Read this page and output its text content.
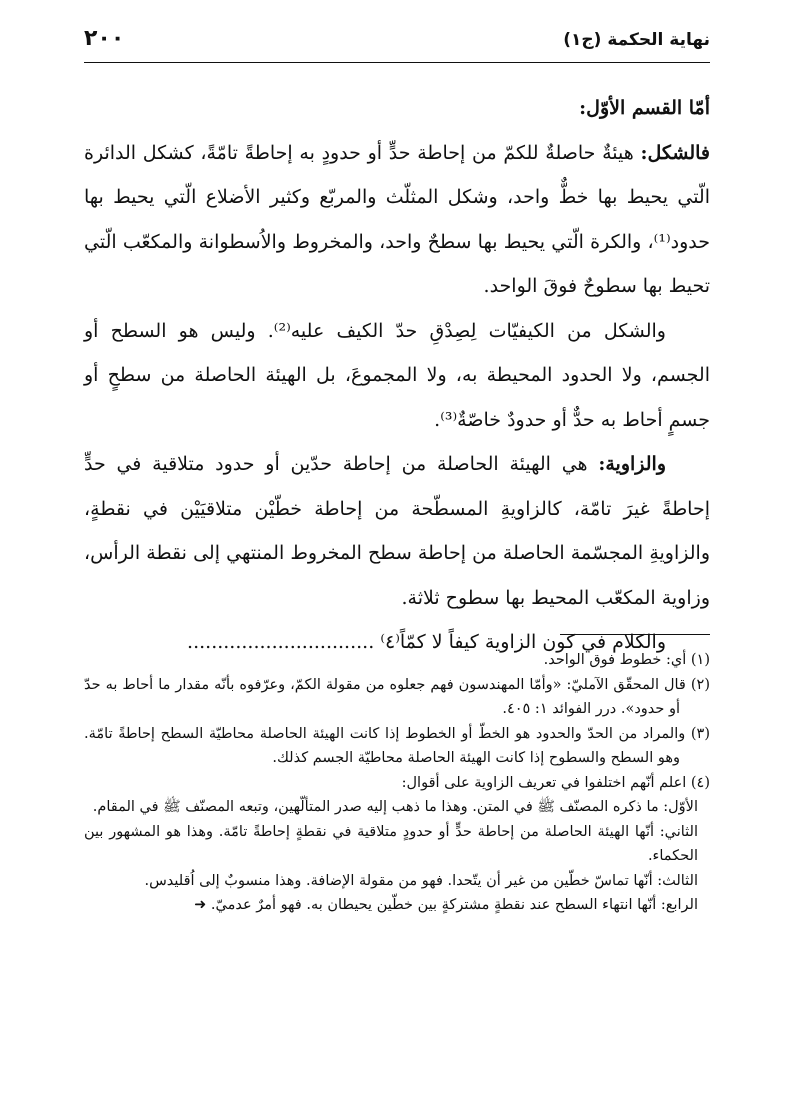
نهاية الحكمة (ج١)
٢٠٠

أمّا القسم الأوّل:

فالشكل: هيئةٌ حاصلةٌ للكمّ من إحاطة حدٍّ أو حدودٍ به إحاطةً تامّةً، كشكل الدائرة الّتي يحيط بها خطٌّ واحد، وشكل المثلّث والمربّع وكثير الأضلاع الّتي يحيط بها حدود⁽¹⁾، والكرة الّتي يحيط بها سطحٌ واحد، والمخروط والاُسطوانة والمكعّب الّتي تحيط بها سطوحٌ فوقَ الواحد.

والشكل من الكيفيّات لِصِدْقِ حدّ الكيف عليه⁽²⁾. وليس هو السطح أو الجسم، ولا الحدود المحيطة به، ولا المجموعَ، بل الهيئة الحاصلة من سطحٍ أو جسمٍ أحاط به حدٌّ أو حدودٌ خاصّةٌ⁽³⁾.

والزاوية: هي الهيئة الحاصلة من إحاطة حدّين أو حدود متلاقية في حدٍّ إحاطةً غيرَ تامّة، كالزاويةِ المسطّحة من إحاطة خطّيْن متلاقيَيْن في نقطةٍ، والزاويةِ المجسّمة الحاصلة من إحاطة سطح المخروط المنتهي إلى نقطة الرأس، وزاوية المكعّب المحيط بها سطوح ثلاثة.

والكلام في كون الزاوية كيفاً لا كمّاً⁽٤⁾ ...............................

(١) أي: خطوط فوق الواحد.

(٢) قال المحقّق الآمليّ: «وأمّا المهندسون فهم جعلوه من مقولة الكمّ، وعرّفوه بأنّه مقدار ما أحاط به حدّ أو حدود». درر الفوائد ١: ٤٠٥.

(٣) والمراد من الحدّ والحدود هو الخطّ أو الخطوط إذا كانت الهيئة الحاصلة محاطيّة السطح إحاطةً تامّة. وهو السطح والسطوح إذا كانت الهيئة الحاصلة محاطيّة الجسم كذلك.

(٤) اعلم أنّهم اختلفوا في تعريف الزاوية على أقوال:

الأوّل: ما ذكره المصنّف ﷺ في المتن. وهذا ما ذهب إليه صدر المتألّهين، وتبعه المصنّف ﷺ في المقام.

الثاني: أنّها الهيئة الحاصلة من إحاطة حدٍّ أو حدودٍ متلاقية في نقطةٍ إحاطةً تامّة. وهذا هو المشهور بين الحكماء.

الثالث: أنّها تماسّ خطّين من غير أن يتّحدا. فهو من مقولة الإضافة. وهذا منسوبٌ إلى اُقليدس.

الرابع: أنّها انتهاء السطح عند نقطةٍ مشتركةٍ بين خطّين يحيطان به. فهو أمرٌ عدميّ. ➜
